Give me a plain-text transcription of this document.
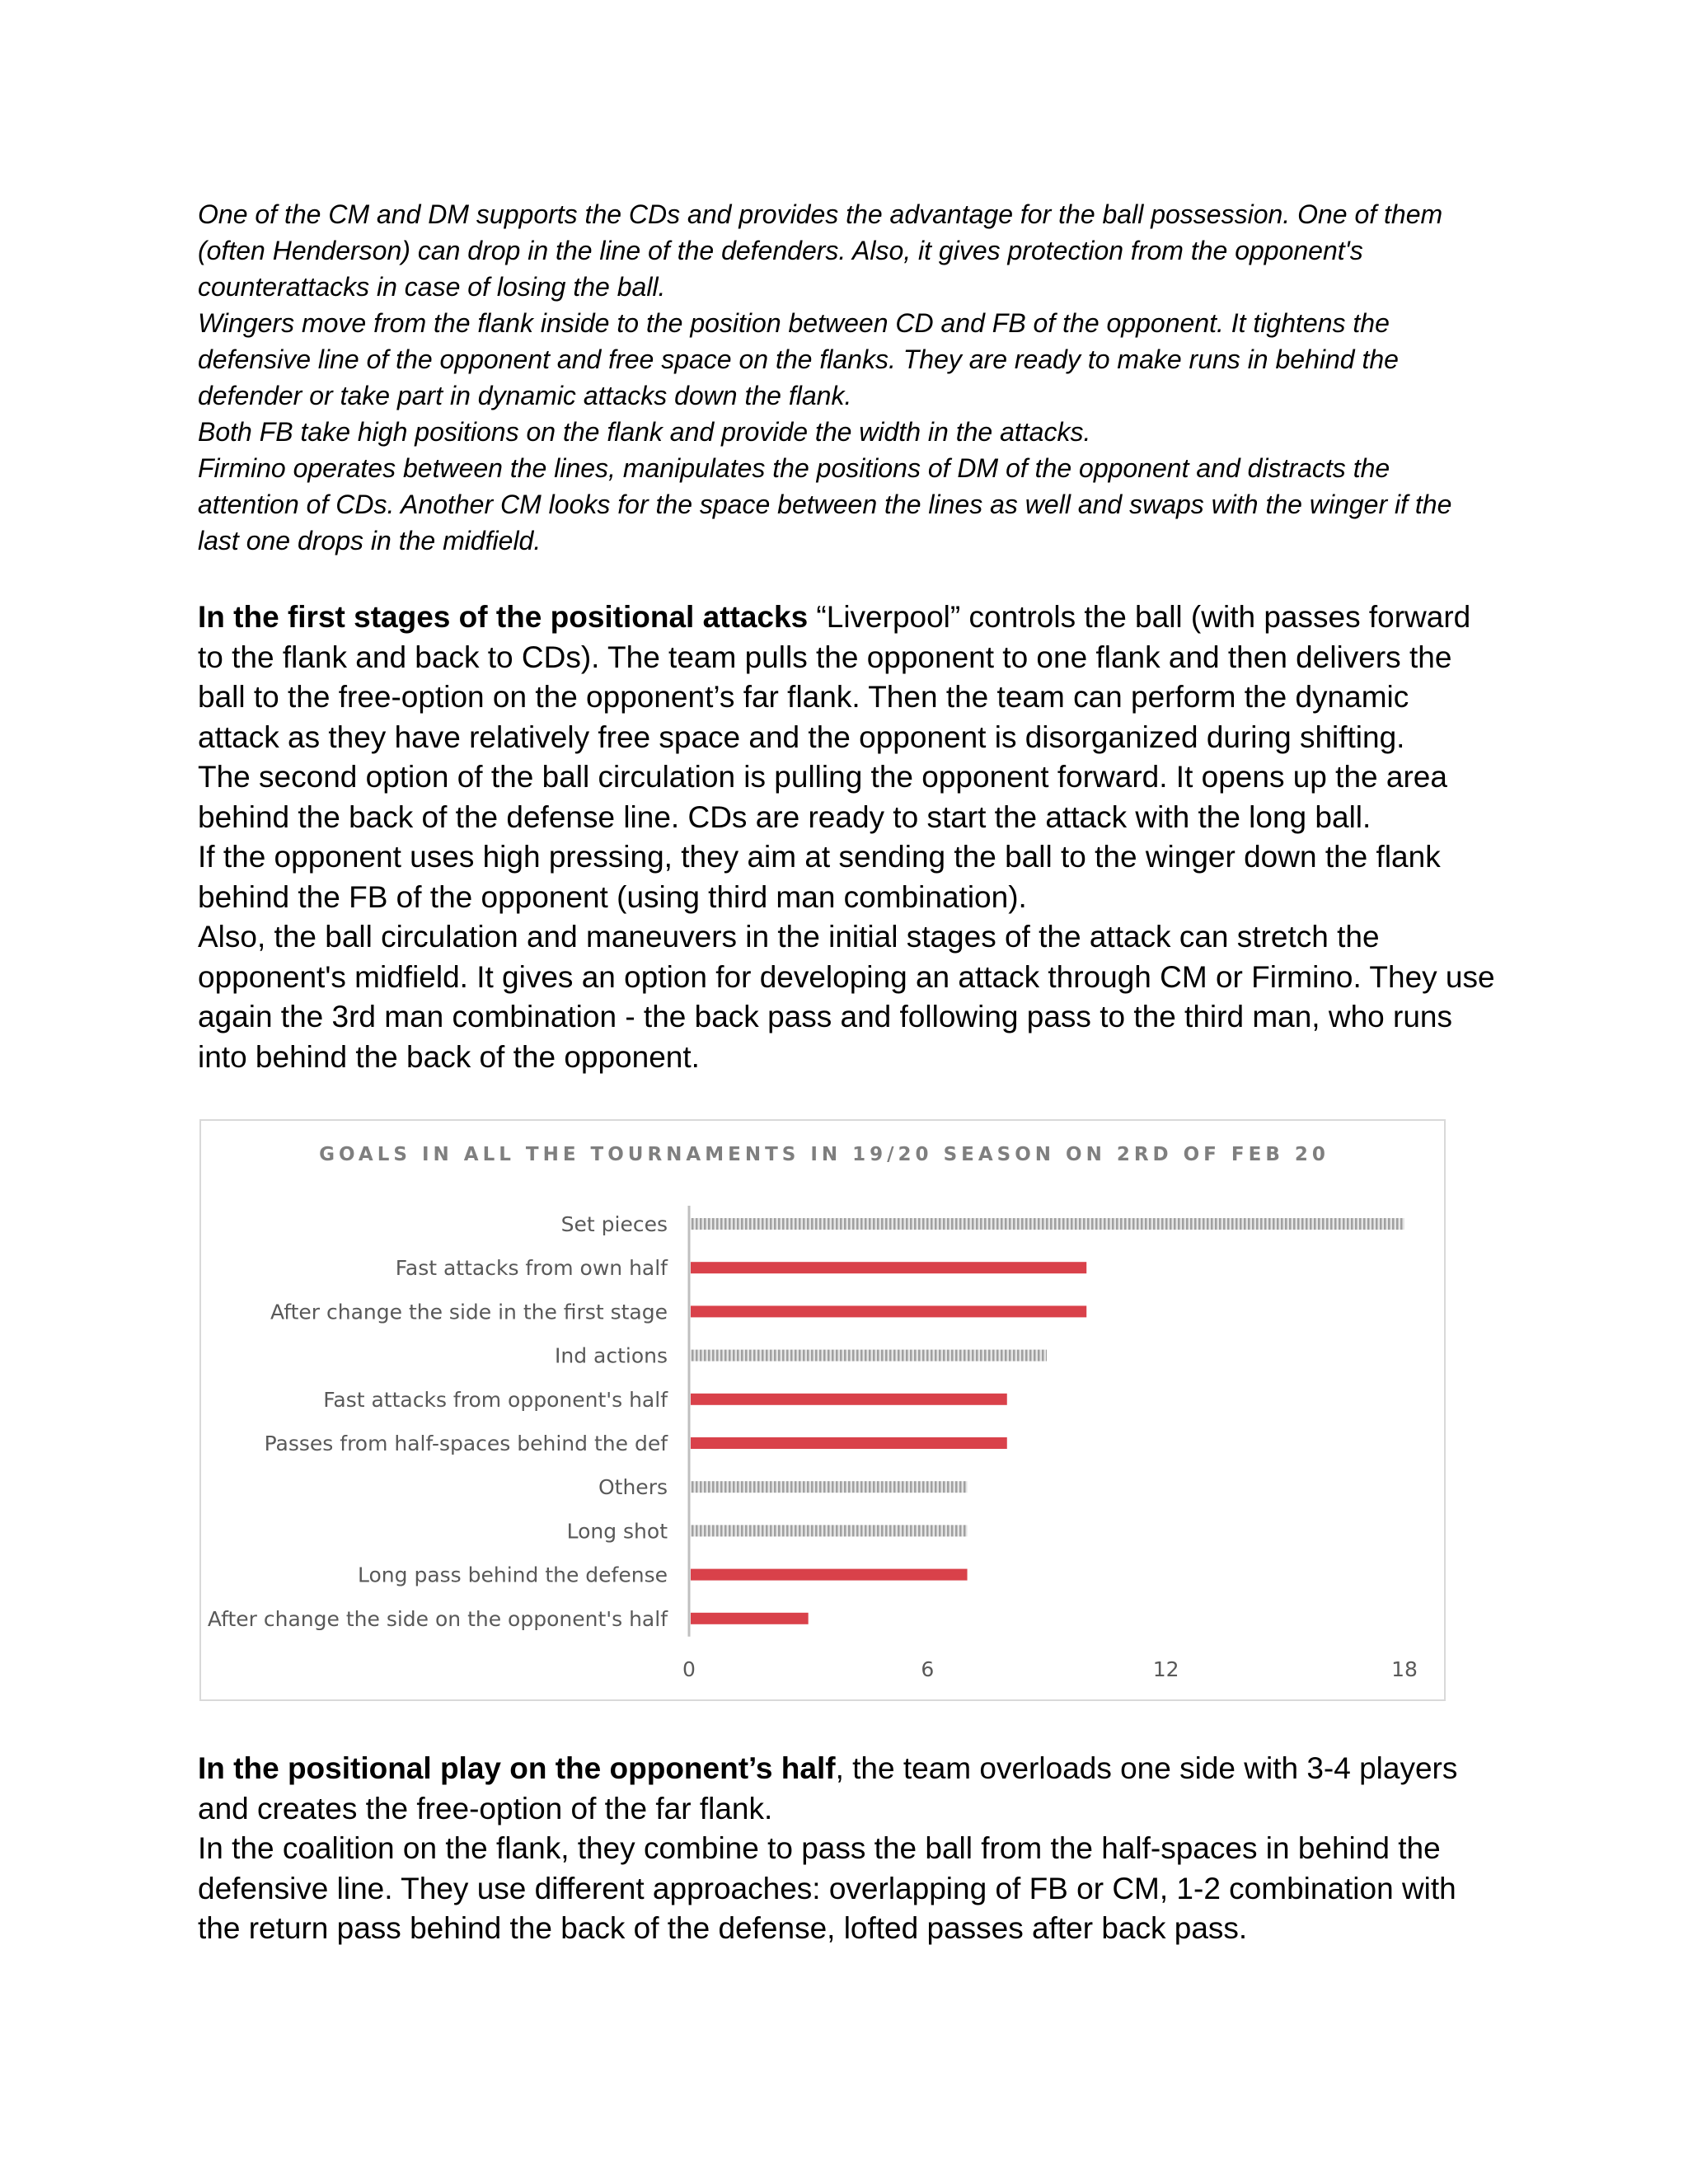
One of the CM and DM supports the CDs and provides the advantage for the ball possession. One of them (often Henderson) can drop in the line of the defenders. Also, it gives protection from the opponent's counterattacks in case of losing the ball.

Wingers move from the flank inside to the position between CD and FB of the opponent. It tightens the defensive line of the opponent and free space on the flanks. They are ready to make runs in behind the defender or take part in dynamic attacks down the flank.

Both FB take high positions on the flank and provide the width in the attacks.

Firmino operates between the lines, manipulates the positions of DM of the opponent and distracts the attention of CDs. Another CM looks for the space between the lines as well and swaps with the winger if the last one drops in the midfield.

In the first stages of the positional attacks “Liverpool” controls the ball (with passes forward to the flank and back to CDs). The team pulls the opponent to one flank and then delivers the ball to the free-option on the opponent’s far flank. Then the team can perform the dynamic attack as they have relatively free space and the opponent is disorganized during shifting.

The second option of the ball circulation is pulling the opponent forward. It opens up the area behind the back of the defense line. CDs are ready to start the attack with the long ball.

If the opponent uses high pressing, they aim at sending the ball to the winger down the flank behind the FB of the opponent (using third man combination).

Also, the ball circulation and maneuvers in the initial stages of the attack can stretch the opponent's midfield. It gives an option for developing an attack through CM or Firmino. They use again the 3rd man combination - the back pass and following pass to the third man, who runs into behind the back of the opponent.

GOALS IN ALL THE TOURNAMENTS IN 19/20 SEASON ON 2RD OF FEB 20
Set pieces
Fast attacks from own half
After change the side in the first stage
Ind actions
Fast attacks from opponent's half
Passes from half-spaces behind the def
Others
Long shot
Long pass behind the defense
After change the side on the opponent's half
0	6	12	18

In the positional play on the opponent’s half, the team overloads one side with 3-4 players and creates the free-option of the far flank.

In the coalition on the flank, they combine to pass the ball from the half-spaces in behind the defensive line. They use different approaches: overlapping of FB or CM, 1-2 combination with the return pass behind the back of the defense, lofted passes after back pass.
